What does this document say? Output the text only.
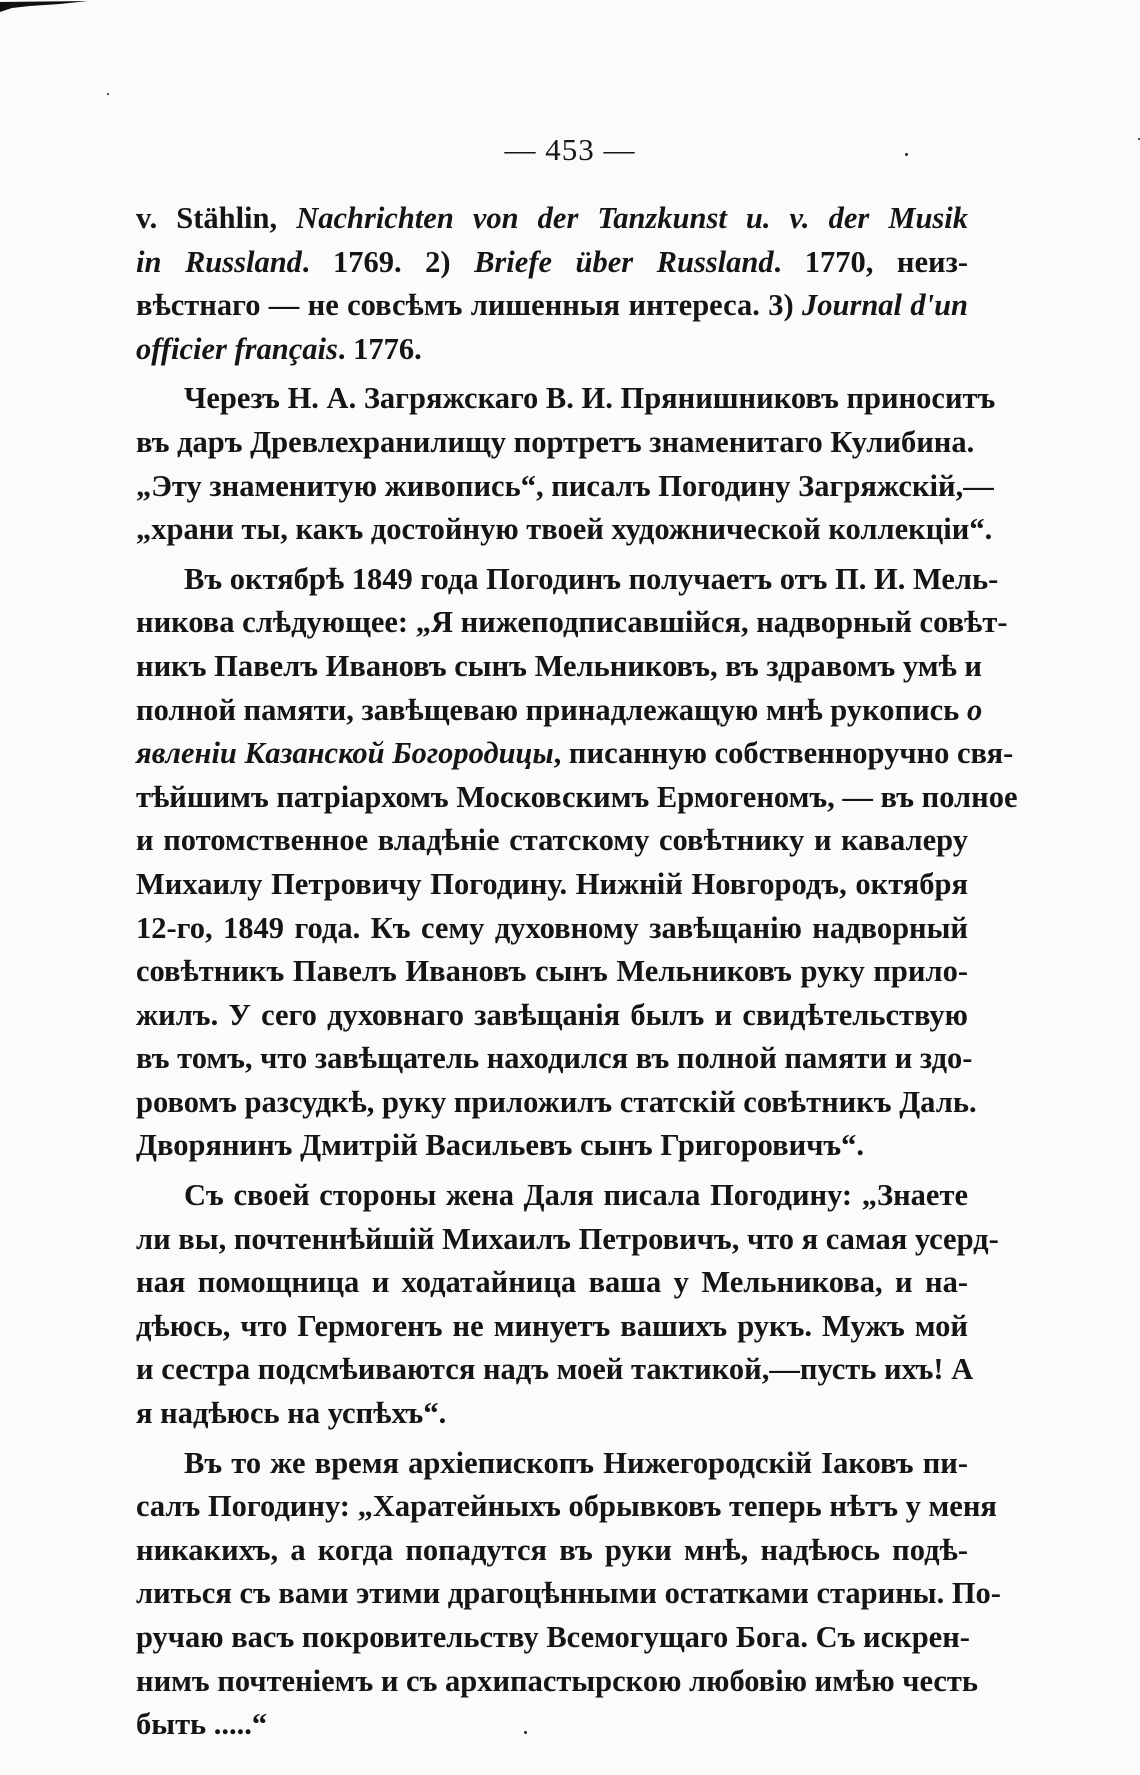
— 453 —
v. Stählin, Nachrichten von der Tanzkunst u. v. der Musik
in Russland. 1769. 2) Briefe über Russland. 1770, неиз-
вѣстнаго — не совсѣмъ лишенныя интереса. 3) Journal d'un
officier français. 1776.
Черезъ Н. А. Загряжскаго В. И. Прянишниковъ приноситъ
въ даръ Древлехранилищу портретъ знаменитаго Кулибина.
„Эту знаменитую живопись“, писалъ Погодину Загряжскій,—
„храни ты, какъ достойную твоей художнической коллекціи“.
Въ октябрѣ 1849 года Погодинъ получаетъ отъ П. И. Мель-
никова слѣдующее: „Я нижеподписавшійся, надворный совѣт-
никъ Павелъ Ивановъ сынъ Мельниковъ, въ здравомъ умѣ и
полной памяти, завѣщеваю принадлежащую мнѣ рукопись о
явленіи Казанской Богородицы, писанную собственноручно свя-
тѣйшимъ патріархомъ Московскимъ Ермогеномъ, — въ полное
и потомственное владѣніе статскому совѣтнику и кавалеру
Михаилу Петровичу Погодину. Нижній Новгородъ, октября
12-го, 1849 года. Къ сему духовному завѣщанію надворный
совѣтникъ Павелъ Ивановъ сынъ Мельниковъ руку прило-
жилъ. У сего духовнаго завѣщанія былъ и свидѣтельствую
въ томъ, что завѣщатель находился въ полной памяти и здо-
ровомъ разсудкѣ, руку приложилъ статскій совѣтникъ Даль.
Дворянинъ Дмитрій Васильевъ сынъ Григоровичъ“.
Съ своей стороны жена Даля писала Погодину: „Знаете
ли вы, почтеннѣйшій Михаилъ Петровичъ, что я самая усерд-
ная помощница и ходатайница ваша у Мельникова, и на-
дѣюсь, что Гермогенъ не минуетъ вашихъ рукъ. Мужъ мой
и сестра подсмѣиваются надъ моей тактикой,—пусть ихъ! А
я надѣюсь на успѣхъ“.
Въ то же время архіепископъ Нижегородскій Іаковъ пи-
салъ Погодину: „Харатейныхъ обрывковъ теперь нѣтъ у меня
никакихъ, а когда попадутся въ руки мнѣ, надѣюсь подѣ-
литься съ вами этими драгоцѣнными остатками старины. По-
ручаю васъ покровительству Всемогущаго Бога. Съ искрен-
нимъ почтеніемъ и съ архипастырскою любовію имѣю честь
быть .....“
